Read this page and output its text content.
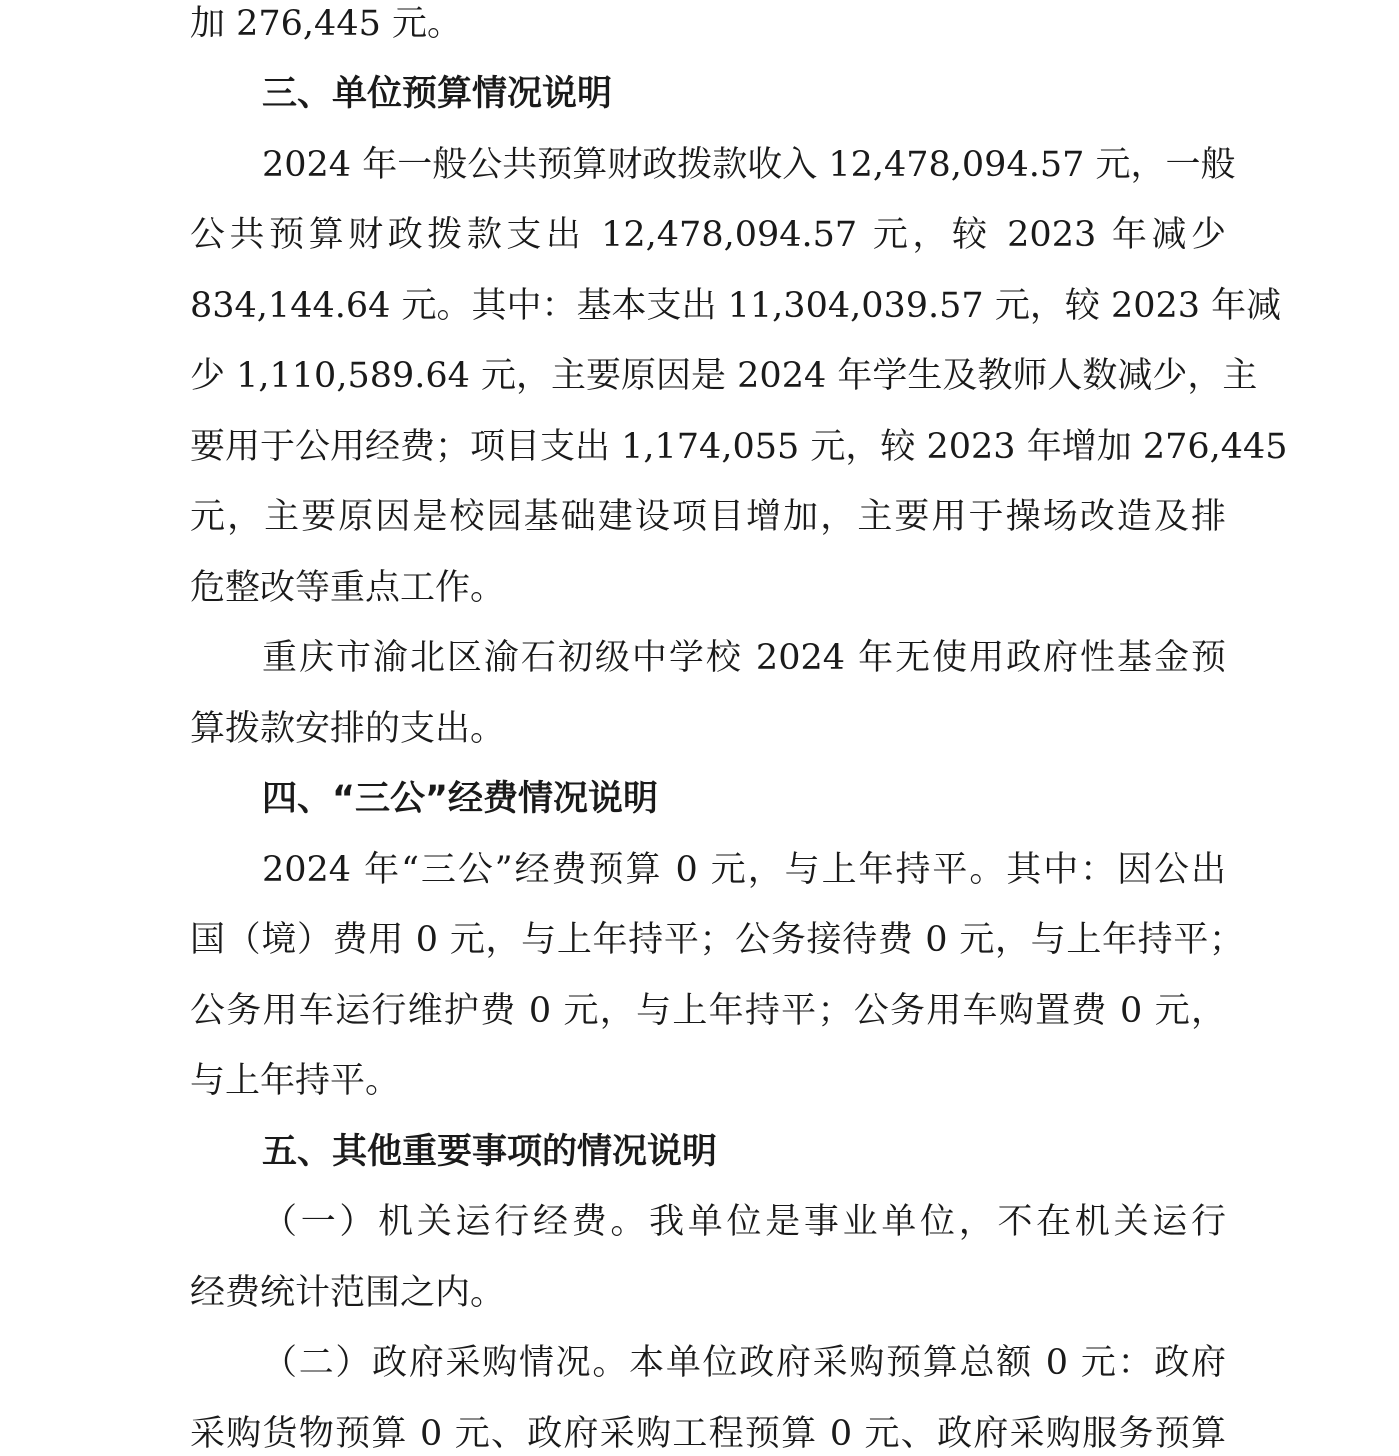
加 276,445 元。
三、单位预算情况说明
2024 年一般公共预算财政拨款收入 12,478,094.57 元，一般
公共预算财政拨款支出 12,478,094.57 元，较 2023 年减少
834,144.64 元。其中：基本支出 11,304,039.57 元，较 2023 年减
少 1,110,589.64 元，主要原因是 2024 年学生及教师人数减少，主
要用于公用经费；项目支出 1,174,055 元，较 2023 年增加 276,445
元，主要原因是校园基础建设项目增加，主要用于操场改造及排
危整改等重点工作。
重庆市渝北区渝石初级中学校 2024 年无使用政府性基金预
算拨款安排的支出。
四、“三公”经费情况说明
2024 年“三公”经费预算 0 元，与上年持平。其中：因公出
国（境）费用 0 元，与上年持平；公务接待费 0 元，与上年持平；
公务用车运行维护费 0 元，与上年持平；公务用车购置费 0 元，
与上年持平。
五、其他重要事项的情况说明
（一）机关运行经费。我单位是事业单位，不在机关运行
经费统计范围之内。
（二）政府采购情况。本单位政府采购预算总额 0 元：政府
采购货物预算 0 元、政府采购工程预算 0 元、政府采购服务预算
